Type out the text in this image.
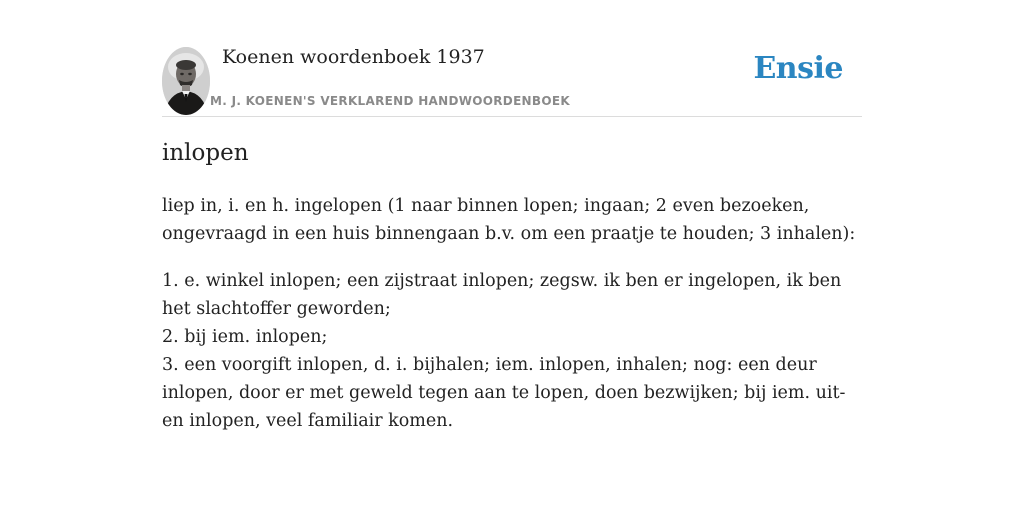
Koenen woordenboek 1937
M. J. KOENEN'S VERKLAREND HANDWOORDENBOEK
Ensie
inlopen

liep in, i. en h. ingelopen (1 naar binnen lopen; ingaan; 2 even bezoeken, ongevraagd in een huis binnengaan b.v. om een praatje te houden; 3 inhalen):

1. e. winkel inlopen; een zijstraat inlopen; zegsw. ik ben er ingelopen, ik ben het slachtoffer geworden;
2. bij iem. inlopen;
3. een voorgift inlopen, d. i. bijhalen; iem. inlopen, inhalen; nog: een deur inlopen, door er met geweld tegen aan te lopen, doen bezwijken; bij iem. uit- en inlopen, veel familiair komen.
